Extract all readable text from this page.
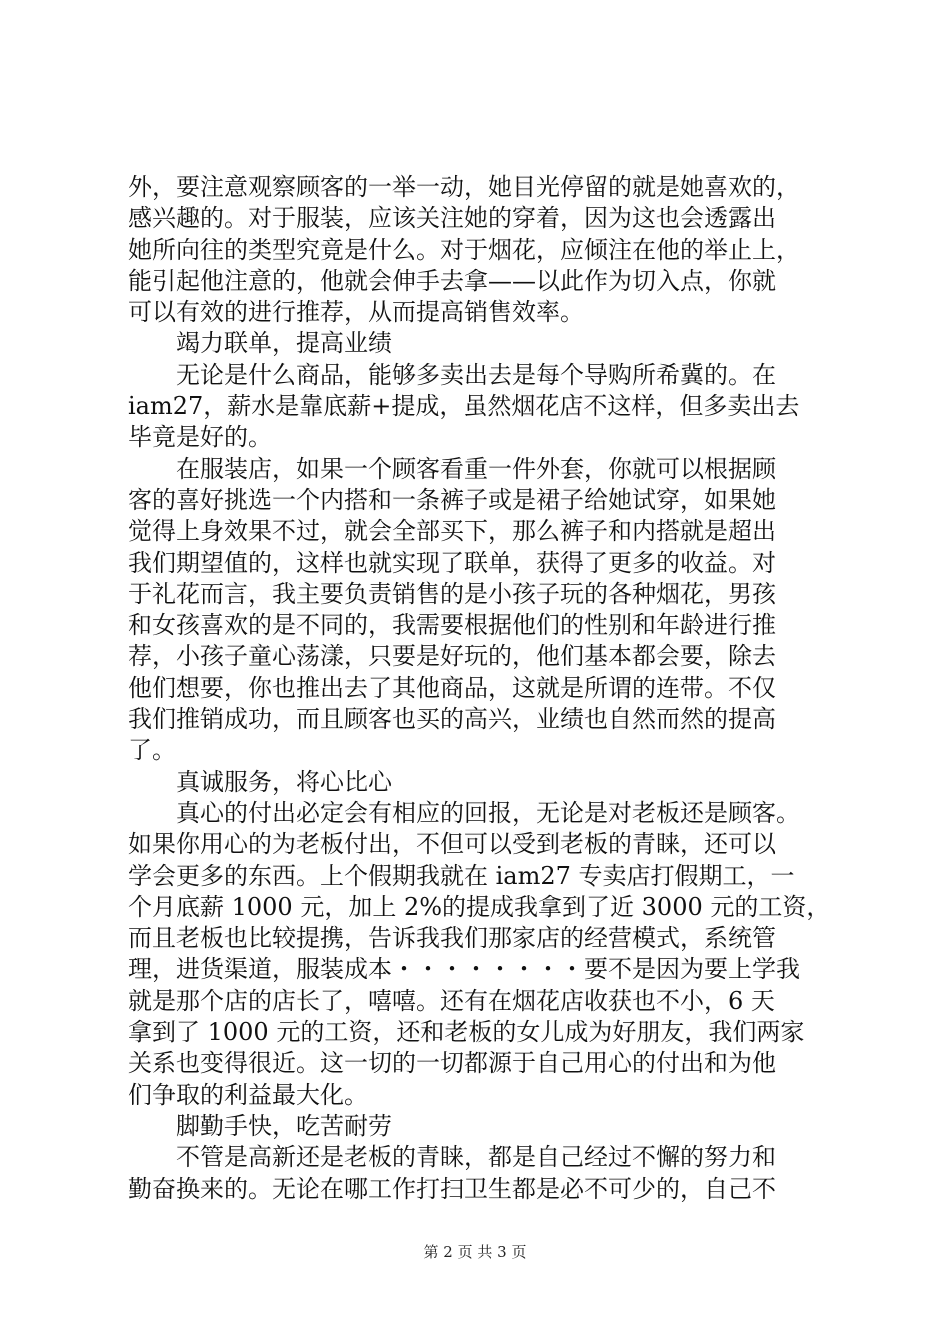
外，要注意观察顾客的一举一动，她目光停留的就是她喜欢的，
感兴趣的。对于服装，应该关注她的穿着，因为这也会透露出
她所向往的类型究竟是什么。对于烟花，应倾注在他的举止上，
能引起他注意的，他就会伸手去拿——以此作为切入点，你就
可以有效的进行推荐，从而提高销售效率。
　　竭力联单，提高业绩
　　无论是什么商品，能够多卖出去是每个导购所希冀的。在
iam27，薪水是靠底薪+提成，虽然烟花店不这样，但多卖出去
毕竟是好的。
　　在服装店，如果一个顾客看重一件外套，你就可以根据顾
客的喜好挑选一个内搭和一条裤子或是裙子给她试穿，如果她
觉得上身效果不过，就会全部买下，那么裤子和内搭就是超出
我们期望值的，这样也就实现了联单，获得了更多的收益。对
于礼花而言，我主要负责销售的是小孩子玩的各种烟花，男孩
和女孩喜欢的是不同的，我需要根据他们的性别和年龄进行推
荐，小孩子童心荡漾，只要是好玩的，他们基本都会要，除去
他们想要，你也推出去了其他商品，这就是所谓的连带。不仅
我们推销成功，而且顾客也买的高兴，业绩也自然而然的提高
了。
　　真诚服务，将心比心
　　真心的付出必定会有相应的回报，无论是对老板还是顾客。
如果你用心的为老板付出，不但可以受到老板的青睐，还可以
学会更多的东西。上个假期我就在 iam27 专卖店打假期工，一
个月底薪 1000 元，加上 2%的提成我拿到了近 3000 元的工资，
而且老板也比较提携，告诉我我们那家店的经营模式，系统管
理，进货渠道，服装成本・・・・・・・・要不是因为要上学我
就是那个店的店长了，嘻嘻。还有在烟花店收获也不小，6 天
拿到了 1000 元的工资，还和老板的女儿成为好朋友，我们两家
关系也变得很近。这一切的一切都源于自己用心的付出和为他
们争取的利益最大化。
　　脚勤手快，吃苦耐劳
　　不管是高新还是老板的青睐，都是自己经过不懈的努力和
勤奋换来的。无论在哪工作打扫卫生都是必不可少的，自己不
第 2 页 共 3 页
